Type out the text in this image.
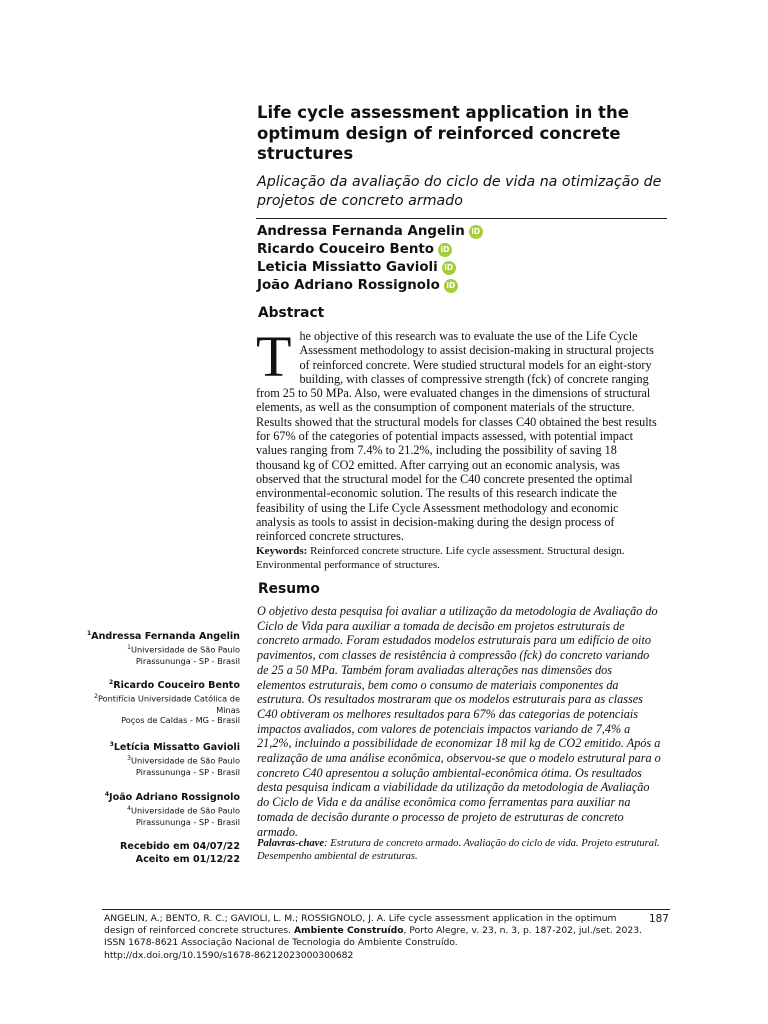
Life cycle assessment application in the optimum design of reinforced concrete structures
Aplicação da avaliação do ciclo de vida na otimização de projetos de concreto armado
Andressa Fernanda Angelin iD
Ricardo Couceiro Bento iD
Leticia Missiatto Gavioli iD
João Adriano Rossignolo iD
Abstract
T he objective of this research was to evaluate the use of the Life Cycle Assessment methodology to assist decision-making in structural projects of reinforced concrete. Were studied structural models for an eight-story building, with classes of compressive strength (fck) of concrete ranging from 25 to 50 MPa. Also, were evaluated changes in the dimensions of structural elements, as well as the consumption of component materials of the structure. Results showed that the structural models for classes C40 obtained the best results for 67% of the categories of potential impacts assessed, with potential impact values ranging from 7.4% to 21.2%, including the possibility of saving 18 thousand kg of CO2 emitted. After carrying out an economic analysis, was observed that the structural model for the C40 concrete presented the optimal environmental-economic solution. The results of this research indicate the feasibility of using the Life Cycle Assessment methodology and economic analysis as tools to assist in decision-making during the design process of reinforced concrete structures.
Keywords: Reinforced concrete structure. Life cycle assessment. Structural design. Environmental performance of structures.
Resumo
O objetivo desta pesquisa foi avaliar a utilização da metodologia de Avaliação do Ciclo de Vida para auxiliar a tomada de decisão em projetos estruturais de concreto armado. Foram estudados modelos estruturais para um edifício de oito pavimentos, com classes de resistência à compressão (fck) do concreto variando de 25 a 50 MPa. Também foram avaliadas alterações nas dimensões dos elementos estruturais, bem como o consumo de materiais componentes da estrutura. Os resultados mostraram que os modelos estruturais para as classes C40 obtiveram os melhores resultados para 67% das categorias de potenciais impactos avaliados, com valores de potenciais impactos variando de 7,4% a 21,2%, incluindo a possibilidade de economizar 18 mil kg de CO2 emitido. Após a realização de uma análise econômica, observou-se que o modelo estrutural para o concreto C40 apresentou a solução ambiental-econômica ótima. Os resultados desta pesquisa indicam a viabilidade da utilização da metodologia de Avaliação do Ciclo de Vida e da análise econômica como ferramentas para auxiliar na tomada de decisão durante o processo de projeto de estruturas de concreto armado.
Palavras-chave: Estrutura de concreto armado. Avaliação do ciclo de vida. Projeto estrutural. Desempenho ambiental de estruturas.
$^1$Andressa Fernanda Angelin
$^1$Universidade de São Paulo
Pirassununga - SP - Brasil
$^2$Ricardo Couceiro Bento
$^2$Pontifícia Universidade Católica de
Minas
Poços de Caldas - MG - Brasil
$^3$Letícia Missatto Gavioli
$^3$Universidade de São Paulo
Pirassununga - SP - Brasil
$^4$João Adriano Rossignolo
$^4$Universidade de São Paulo
Pirassununga - SP - Brasil
Recebido em 04/07/22
Aceito em 01/12/22
ANGELIN, A.; BENTO, R. C.; GAVIOLI, L. M.; ROSSIGNOLO, J. A. Life cycle assessment application in the optimum design of reinforced concrete structures. Ambiente Construído, Porto Alegre, v. 23, n. 3, p. 187-202, jul./set. 2023.
ISSN 1678-8621 Associação Nacional de Tecnologia do Ambiente Construído.
http://dx.doi.org/10.1590/s1678-86212023000300682
187
